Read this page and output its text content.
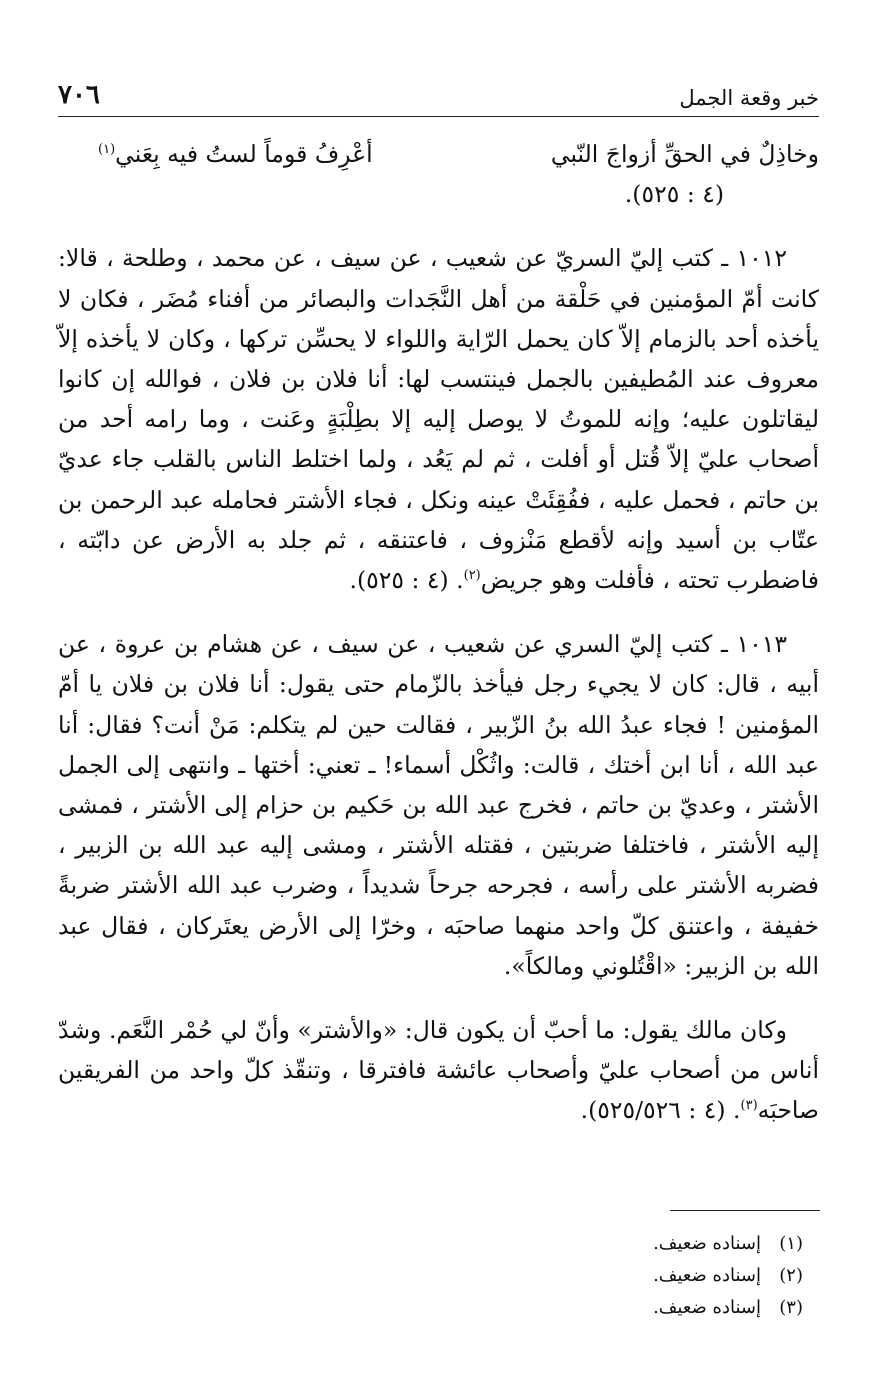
٧٠٦	خبر وقعة الجمل
وخاذِلٌ في الحقِّ أزواجَ النّبي
أعْرِفُ قوماً لستُ فيه بِعَني$^{(١)}$

(٤ : ٥٢٥).

١٠١٢ ـ كتب إليّ السريّ عن شعيب ، عن سيف ، عن محمد ، وطلحة ، قالا: كانت أمّ المؤمنين في حَلْقة من أهل النَّجَدات والبصائر من أفناء مُضَر ، فكان لا يأخذه أحد بالزمام إلاّ كان يحمل الرّاية واللواء لا يحسِّن تركها ، وكان لا يأخذه إلاّ معروف عند المُطيفين بالجمل فينتسب لها: أنا فلان بن فلان ، فوالله إن كانوا ليقاتلون عليه؛ وإنه للموتُ لا يوصل إليه إلا بطِلْبَةٍ وعَنت ، وما رامه أحد من أصحاب عليّ إلاّ قُتل أو أفلت ، ثم لم يَعُد ، ولما اختلط الناس بالقلب جاء عديّ بن حاتم ، فحمل عليه ، ففُقِئَتْ عينه ونكل ، فجاء الأشتر فحامله عبد الرحمن بن عتّاب بن أسيد وإنه لأقطع مَنْزوف ، فاعتنقه ، ثم جلد به الأرض عن دابّته ، فاضطرب تحته ، فأفلت وهو جريض$^{(٢)}$. (٤ : ٥٢٥).

١٠١٣ ـ كتب إليّ السري عن شعيب ، عن سيف ، عن هشام بن عروة ، عن أبيه ، قال: كان لا يجيء رجل فيأخذ بالزّمام حتى يقول: أنا فلان بن فلان يا أمّ المؤمنين ! فجاء عبدُ الله بنُ الزّبير ، فقالت حين لم يتكلم: مَنْ أنت؟ فقال: أنا عبد الله ، أنا ابن أختك ، قالت: واثُكْل أسماء! ـ تعني: أختها ـ وانتهى إلى الجمل الأشتر ، وعديّ بن حاتم ، فخرج عبد الله بن حَكيم بن حزام إلى الأشتر ، فمشى إليه الأشتر ، فاختلفا ضربتين ، فقتله الأشتر ، ومشى إليه عبد الله بن الزبير ، فضربه الأشتر على رأسه ، فجرحه جرحاً شديداً ، وضرب عبد الله الأشتر ضربةً خفيفة ، واعتنق كلّ واحد منهما صاحبَه ، وخرّا إلى الأرض يعتَركان ، فقال عبد الله بن الزبير: «اقْتُلوني ومالكاً».

وكان مالك يقول: ما أحبّ أن يكون قال: «والأشتر» وأنّ لي حُمْر النَّعَم. وشدّ أناس من أصحاب عليّ وأصحاب عائشة فافترقا ، وتنقّذ كلّ واحد من الفريقين صاحبَه$^{(٣)}$. (٤ : ٥٢٥/٥٢٦).

(١)
إسناده ضعيف.
(٢)
إسناده ضعيف.
(٣)
إسناده ضعيف.
